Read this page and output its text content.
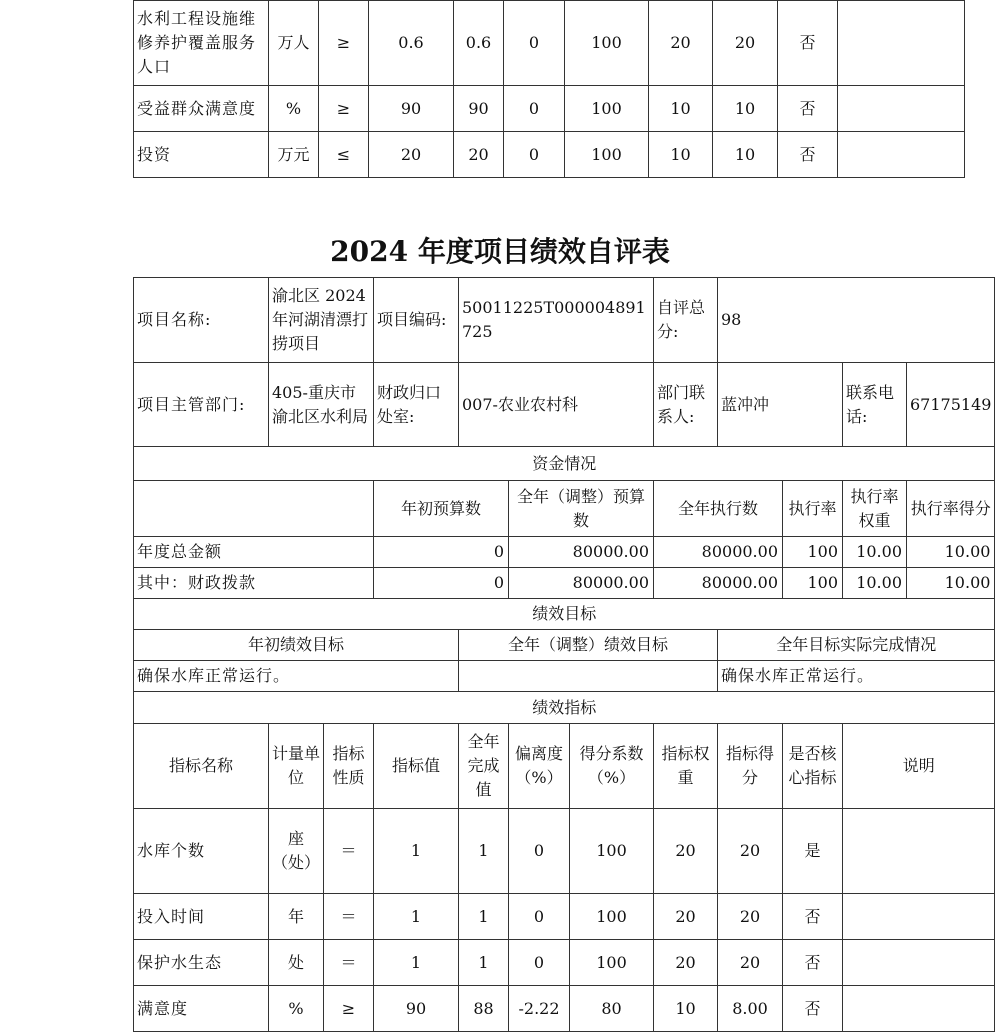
水利工程设施维修养护覆盖服务人口	万人	≥	0.6	0.6	0	100	20	20	否	
受益群众满意度	%	≥	90	90	0	100	10	10	否	
投资	万元	≤	20	20	0	100	10	10	否	
2024 年度项目绩效自评表
项目名称:	渝北区 2024 年河湖清漂打捞项目		项目编码:	50011225T000004891725			自评总分:	98			
项目主管部门:	405-重庆市渝北区水利局		财政归口处室:	007-农业农村科			部门联系人:	蓝冲冲		联系电话:	67175149
资金情况											
			年初预算数		全年（调整）预算数		全年执行数		执行率	执行率权重	执行率得分
年度总金额			0		80000.00		80000.00		100	10.00	10.00
其中：财政拨款			0		80000.00		80000.00		100	10.00	10.00
绩效目标											
年初绩效目标				全年（调整）绩效目标				全年目标实际完成情况			
确保水库正常运行。								确保水库正常运行。			
绩效指标											
指标名称	计量单位	指标性质	指标值	全年完成值	偏离度（%）	得分系数（%）	指标权重	指标得分	是否核心指标	说明	
水库个数	座（处）	＝	1	1	0	100	20	20	是		
投入时间	年	＝	1	1	0	100	20	20	否		
保护水生态	处	＝	1	1	0	100	20	20	否		
满意度	%	≥	90	88	-2.22	80	10	8.00	否		
